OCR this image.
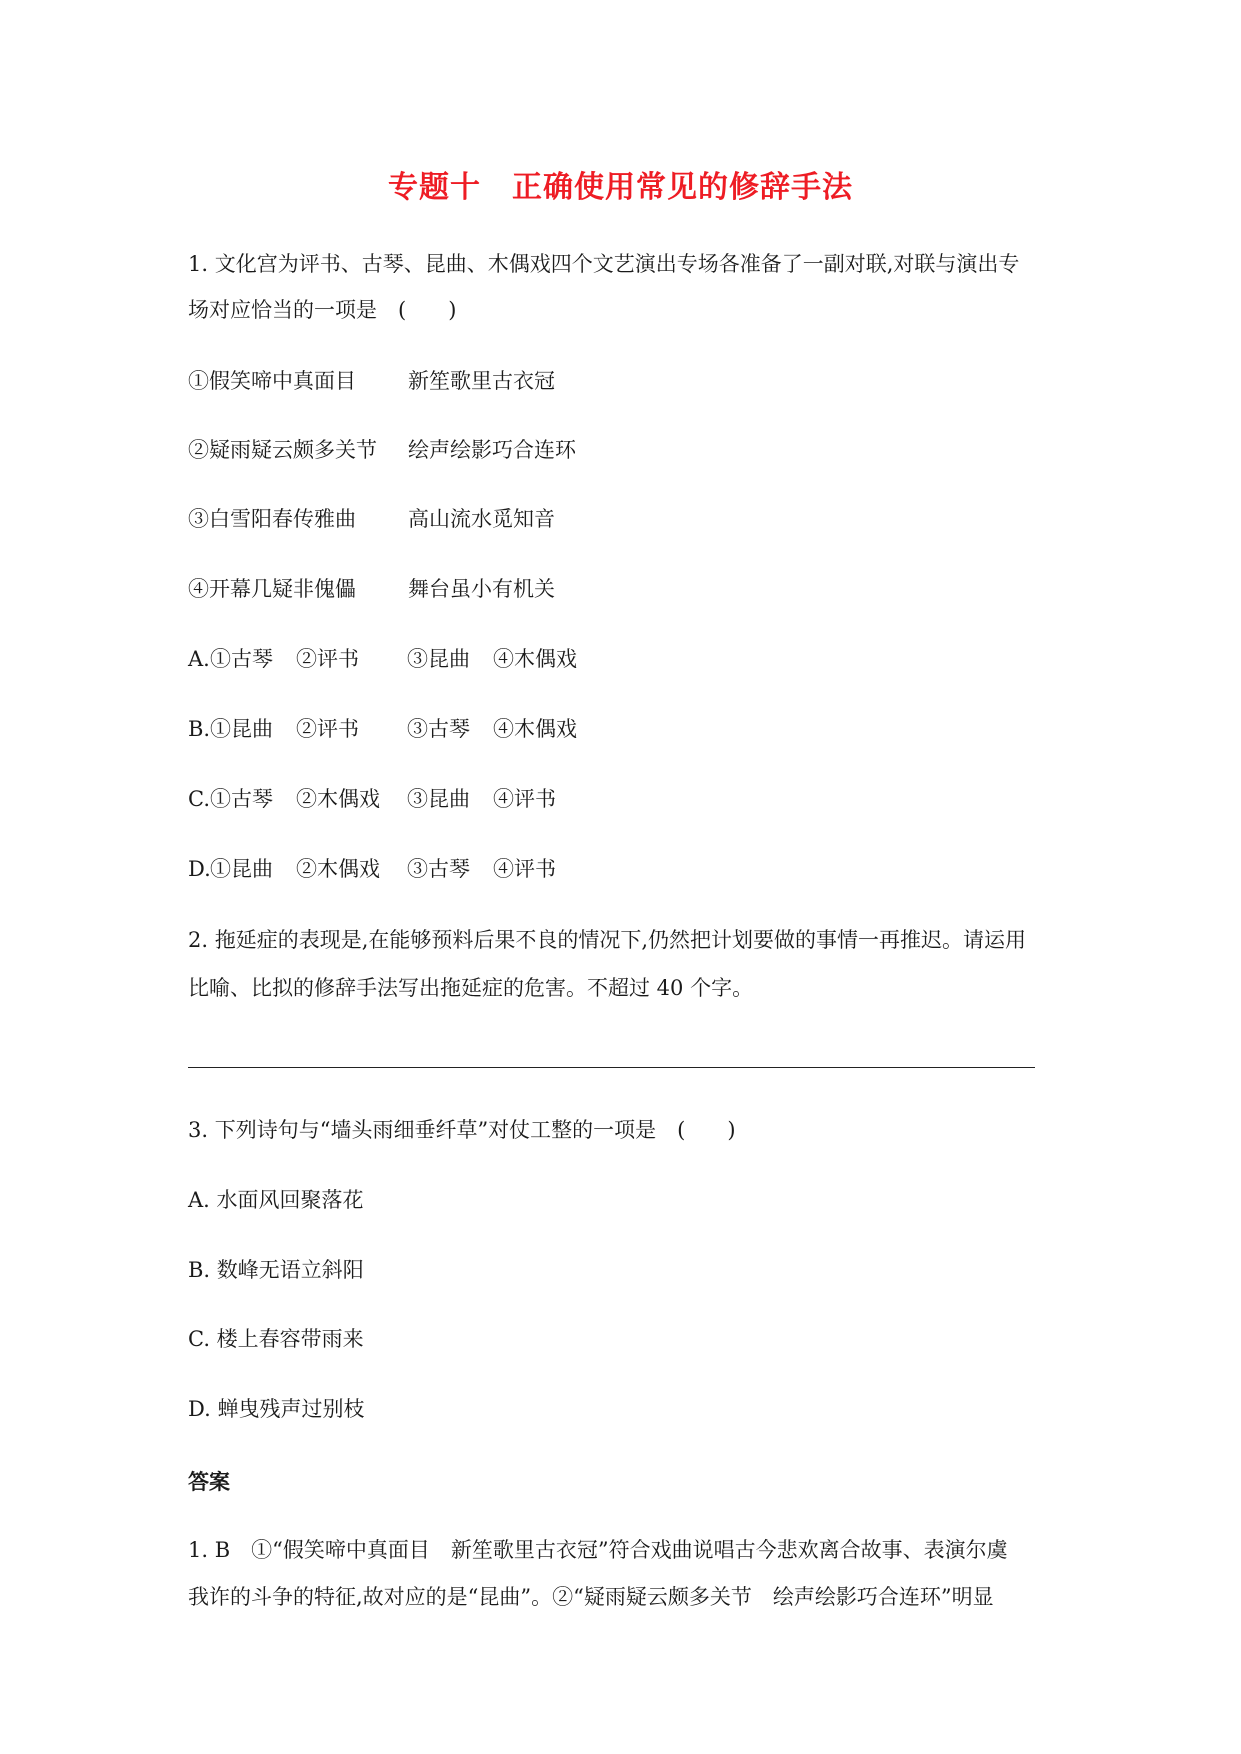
专题十　正确使用常见的修辞手法
1. 文化宫为评书、古琴、昆曲、木偶戏四个文艺演出专场各准备了一副对联,对联与演出专
场对应恰当的一项是　(　　)

①假笑啼中真面目

新笙歌里古衣冠

②疑雨疑云颇多关节

绘声绘影巧合连环

③白雪阳春传雅曲

高山流水觅知音

④开幕几疑非傀儡

舞台虽小有机关

A.

①古琴

②评书

③昆曲

④木偶戏

B.

①昆曲

②评书

③古琴

④木偶戏

C.

①古琴

②木偶戏

③昆曲

④评书

D.

①昆曲

②木偶戏

③古琴

④评书

2. 拖延症的表现是,在能够预料后果不良的情况下,仍然把计划要做的事情一再推迟。请运用
比喻、比拟的修辞手法写出拖延症的危害。不超过 40 个字。
3. 下列诗句与“墙头雨细垂纤草”对仗工整的一项是　(　　)
A. 水面风回聚落花
B. 数峰无语立斜阳
C. 楼上春容带雨来
D. 蝉曳残声过别枝
答案
1. B　①“假笑啼中真面目　新笙歌里古衣冠”符合戏曲说唱古今悲欢离合故事、表演尔虞
我诈的斗争的特征,故对应的是“昆曲”。②“疑雨疑云颇多关节　绘声绘影巧合连环”明显
